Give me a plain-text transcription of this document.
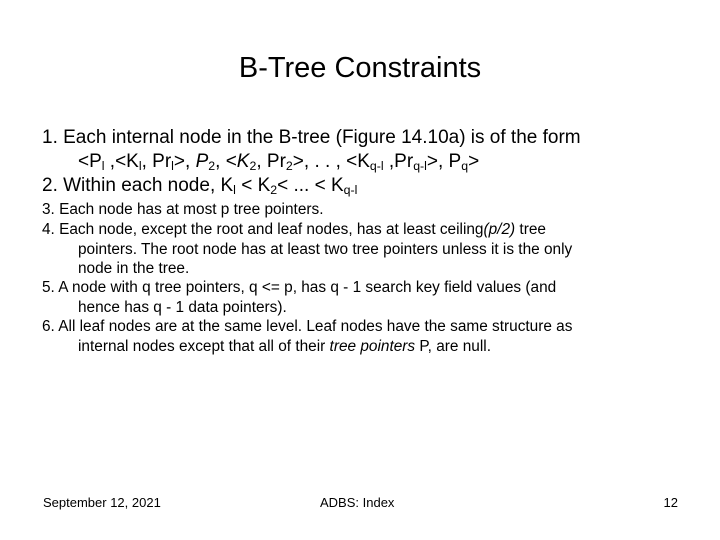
B-Tree Constraints
1. Each internal node in the B-tree (Figure 14.10a) is of the form
$<P_l$ $,<K_l$, $Pr_l>$, $P_2$, $<K_2$, $Pr_2>$, . . , $<K_{q-l}$ $,Pr_{q-l}>$, $P_q>$
2. Within each node, $K_l < K_2<$ ... < $K_{q-l}$
3. Each node has at most p tree pointers.
4. Each node, except the root and leaf nodes, has at least ceiling(p/2) tree
pointers. The root node has at least two tree pointers unless it is the only
node in the tree.
5. A node with q tree pointers, q <= p, has q - 1 search key field values (and
hence has q - 1 data pointers).
6. All leaf nodes are at the same level. Leaf nodes have the same structure as
internal nodes except that all of their tree pointers P, are null.
September 12, 2021	ADBS: Index	12
